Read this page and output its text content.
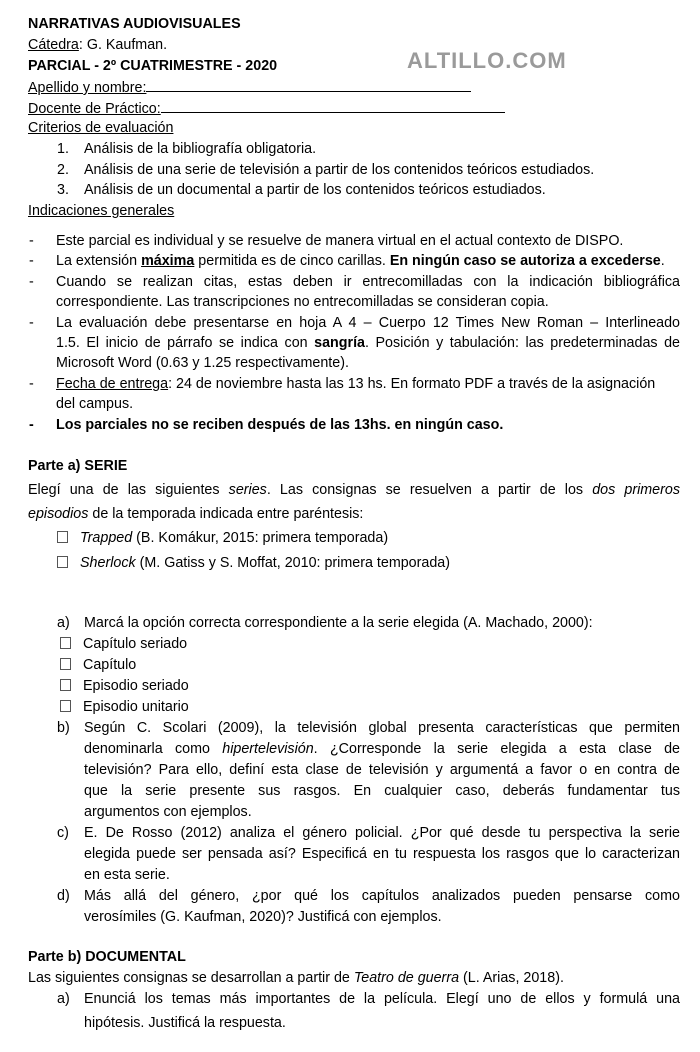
NARRATIVAS AUDIOVISUALES
Cátedra: G. Kaufman.
PARCIAL - 2º CUATRIMESTRE - 2020	ALTILLO.COM
Apellido y nombre:
Docente de Práctico:
Criterios de evaluación
1. Análisis de la bibliografía obligatoria.
2. Análisis de una serie de televisión a partir de los contenidos teóricos estudiados.
3. Análisis de un documental a partir de los contenidos teóricos estudiados.
Indicaciones generales
- Este parcial es individual y se resuelve de manera virtual en el actual contexto de DISPO.
- La extensión máxima permitida es de cinco carillas. En ningún caso se autoriza a excederse.
- Cuando se realizan citas, estas deben ir entrecomilladas con la indicación bibliográfica
correspondiente. Las transcripciones no entrecomilladas se consideran copia.
- La evaluación debe presentarse en hoja A 4 – Cuerpo 12 Times New Roman – Interlineado
1.5. El inicio de párrafo se indica con sangría. Posición y tabulación: las predeterminadas de
Microsoft Word (0.63 y 1.25 respectivamente).
- Fecha de entrega: 24 de noviembre hasta las 13 hs. En formato PDF a través de la asignación
del campus.
- Los parciales no se reciben después de las 13hs. en ningún caso.
Parte a) SERIE
Elegí una de las siguientes series. Las consignas se resuelven a partir de los dos primeros
episodios de la temporada indicada entre paréntesis:
Trapped (B. Komákur, 2015: primera temporada)
Sherlock (M. Gatiss y S. Moffat, 2010: primera temporada)
a) Marcá la opción correcta correspondiente a la serie elegida (A. Machado, 2000):
Capítulo seriado
Capítulo
Episodio seriado
Episodio unitario
b) Según C. Scolari (2009), la televisión global presenta características que permiten
denominarla como hipertelevisión. ¿Corresponde la serie elegida a esta clase de
televisión? Para ello, definí esta clase de televisión y argumentá a favor o en contra de
que la serie presente sus rasgos. En cualquier caso, deberás fundamentar tus
argumentos con ejemplos.
c) E. De Rosso (2012) analiza el género policial. ¿Por qué desde tu perspectiva la serie
elegida puede ser pensada así? Especificá en tu respuesta los rasgos que lo caracterizan
en esta serie.
d) Más allá del género, ¿por qué los capítulos analizados pueden pensarse como
verosímiles (G. Kaufman, 2020)? Justificá con ejemplos.
Parte b) DOCUMENTAL
Las siguientes consignas se desarrollan a partir de Teatro de guerra (L. Arias, 2018).
a) Enunciá los temas más importantes de la película. Elegí uno de ellos y formulá una
hipótesis. Justificá la respuesta.
